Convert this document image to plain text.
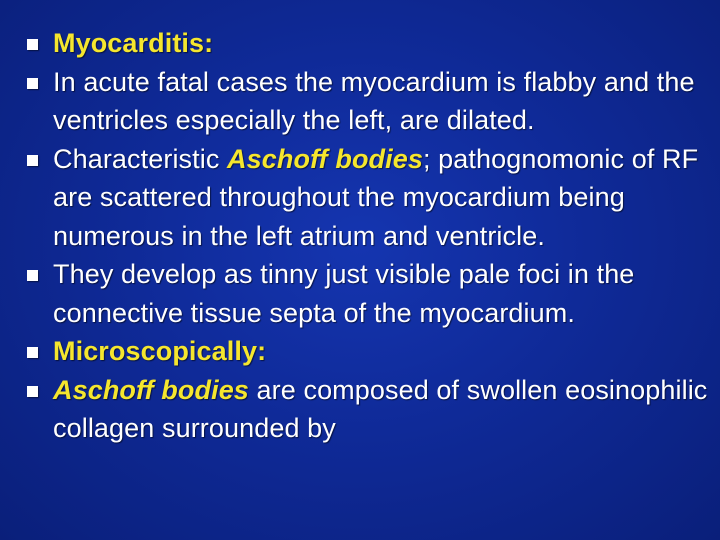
Myocarditis:
In acute fatal cases the myocardium is flabby and the ventricles especially the left, are dilated.
Characteristic Aschoff bodies; pathognomonic of RF are scattered throughout the myocardium being numerous in the left atrium and ventricle.
They develop as tinny just visible pale foci in the connective tissue septa of the myocardium.
Microscopically:
Aschoff bodies are composed of swollen eosinophilic collagen surrounded by
